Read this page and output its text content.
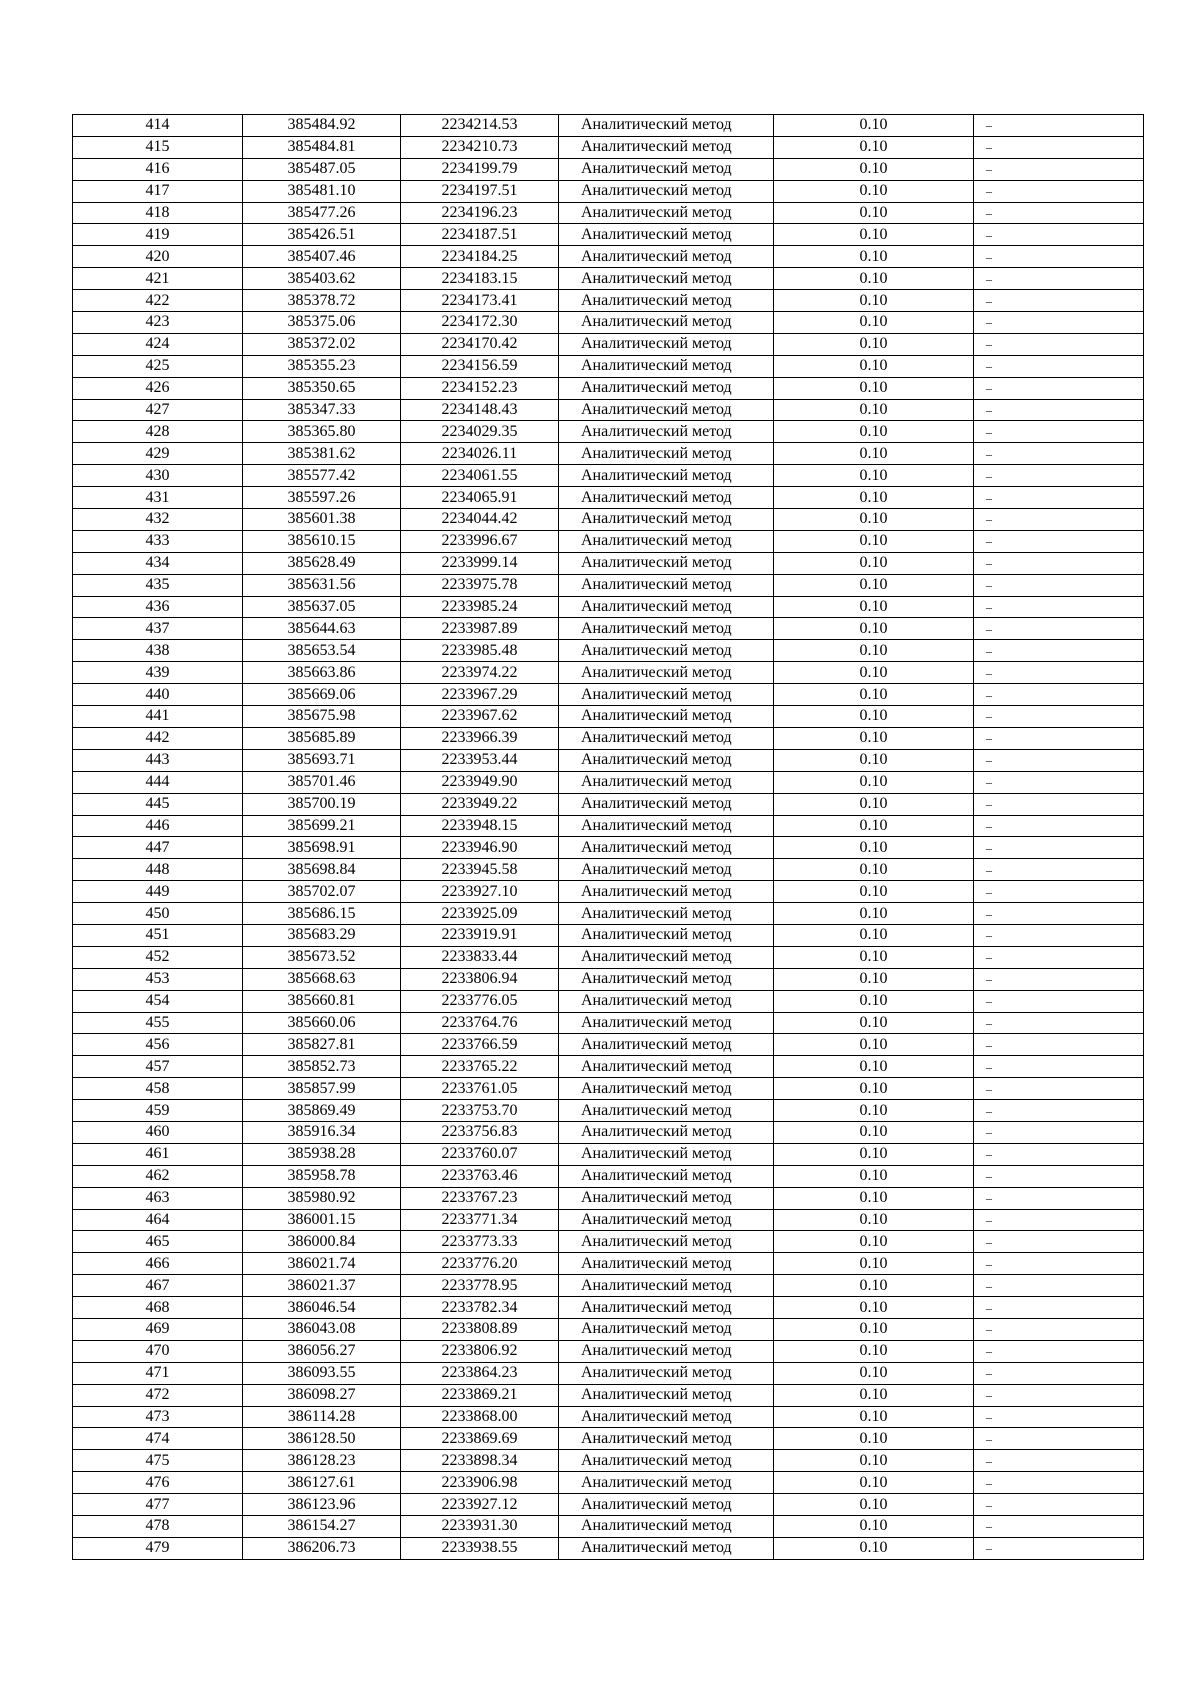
414	385484.92	2234214.53	Аналитический метод	0.10	–
415	385484.81	2234210.73	Аналитический метод	0.10	–
416	385487.05	2234199.79	Аналитический метод	0.10	–
417	385481.10	2234197.51	Аналитический метод	0.10	–
418	385477.26	2234196.23	Аналитический метод	0.10	–
419	385426.51	2234187.51	Аналитический метод	0.10	–
420	385407.46	2234184.25	Аналитический метод	0.10	–
421	385403.62	2234183.15	Аналитический метод	0.10	–
422	385378.72	2234173.41	Аналитический метод	0.10	–
423	385375.06	2234172.30	Аналитический метод	0.10	–
424	385372.02	2234170.42	Аналитический метод	0.10	–
425	385355.23	2234156.59	Аналитический метод	0.10	–
426	385350.65	2234152.23	Аналитический метод	0.10	–
427	385347.33	2234148.43	Аналитический метод	0.10	–
428	385365.80	2234029.35	Аналитический метод	0.10	–
429	385381.62	2234026.11	Аналитический метод	0.10	–
430	385577.42	2234061.55	Аналитический метод	0.10	–
431	385597.26	2234065.91	Аналитический метод	0.10	–
432	385601.38	2234044.42	Аналитический метод	0.10	–
433	385610.15	2233996.67	Аналитический метод	0.10	–
434	385628.49	2233999.14	Аналитический метод	0.10	–
435	385631.56	2233975.78	Аналитический метод	0.10	–
436	385637.05	2233985.24	Аналитический метод	0.10	–
437	385644.63	2233987.89	Аналитический метод	0.10	–
438	385653.54	2233985.48	Аналитический метод	0.10	–
439	385663.86	2233974.22	Аналитический метод	0.10	–
440	385669.06	2233967.29	Аналитический метод	0.10	–
441	385675.98	2233967.62	Аналитический метод	0.10	–
442	385685.89	2233966.39	Аналитический метод	0.10	–
443	385693.71	2233953.44	Аналитический метод	0.10	–
444	385701.46	2233949.90	Аналитический метод	0.10	–
445	385700.19	2233949.22	Аналитический метод	0.10	–
446	385699.21	2233948.15	Аналитический метод	0.10	–
447	385698.91	2233946.90	Аналитический метод	0.10	–
448	385698.84	2233945.58	Аналитический метод	0.10	–
449	385702.07	2233927.10	Аналитический метод	0.10	–
450	385686.15	2233925.09	Аналитический метод	0.10	–
451	385683.29	2233919.91	Аналитический метод	0.10	–
452	385673.52	2233833.44	Аналитический метод	0.10	–
453	385668.63	2233806.94	Аналитический метод	0.10	–
454	385660.81	2233776.05	Аналитический метод	0.10	–
455	385660.06	2233764.76	Аналитический метод	0.10	–
456	385827.81	2233766.59	Аналитический метод	0.10	–
457	385852.73	2233765.22	Аналитический метод	0.10	–
458	385857.99	2233761.05	Аналитический метод	0.10	–
459	385869.49	2233753.70	Аналитический метод	0.10	–
460	385916.34	2233756.83	Аналитический метод	0.10	–
461	385938.28	2233760.07	Аналитический метод	0.10	–
462	385958.78	2233763.46	Аналитический метод	0.10	–
463	385980.92	2233767.23	Аналитический метод	0.10	–
464	386001.15	2233771.34	Аналитический метод	0.10	–
465	386000.84	2233773.33	Аналитический метод	0.10	–
466	386021.74	2233776.20	Аналитический метод	0.10	–
467	386021.37	2233778.95	Аналитический метод	0.10	–
468	386046.54	2233782.34	Аналитический метод	0.10	–
469	386043.08	2233808.89	Аналитический метод	0.10	–
470	386056.27	2233806.92	Аналитический метод	0.10	–
471	386093.55	2233864.23	Аналитический метод	0.10	–
472	386098.27	2233869.21	Аналитический метод	0.10	–
473	386114.28	2233868.00	Аналитический метод	0.10	–
474	386128.50	2233869.69	Аналитический метод	0.10	–
475	386128.23	2233898.34	Аналитический метод	0.10	–
476	386127.61	2233906.98	Аналитический метод	0.10	–
477	386123.96	2233927.12	Аналитический метод	0.10	–
478	386154.27	2233931.30	Аналитический метод	0.10	–
479	386206.73	2233938.55	Аналитический метод	0.10	–
